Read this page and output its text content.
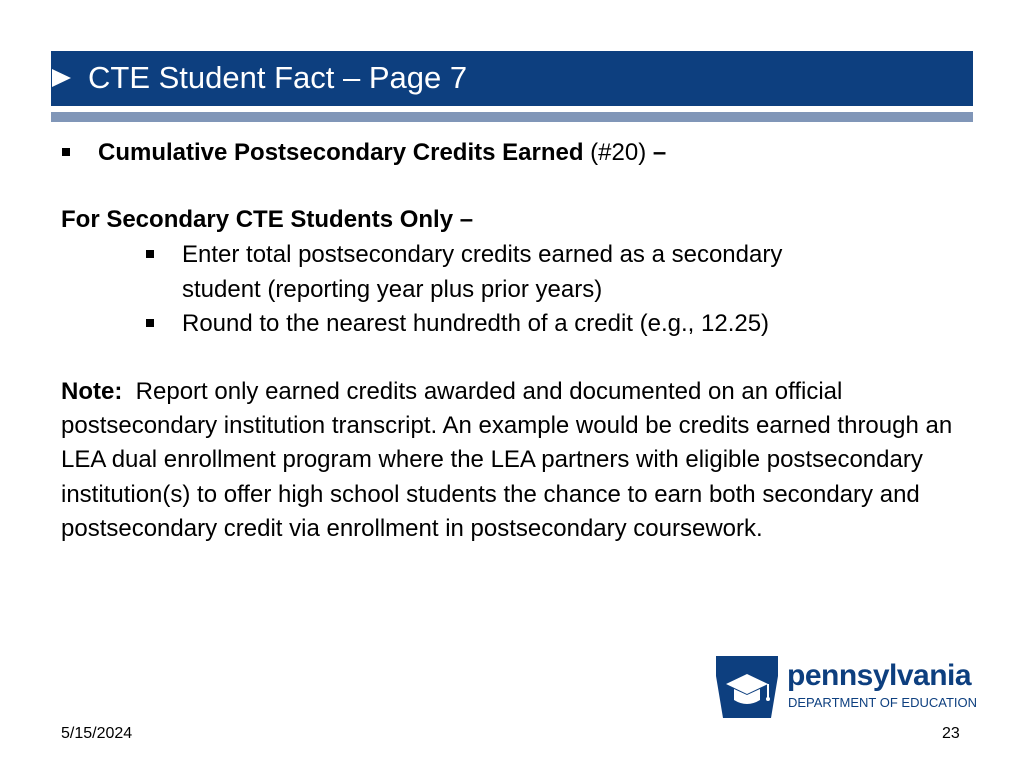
CTE Student Fact – Page 7
Cumulative Postsecondary Credits Earned (#20) –
For Secondary CTE Students Only –
Enter total postsecondary credits earned as a secondary
student (reporting year plus prior years)
Round to the nearest hundredth of a credit (e.g., 12.25)
Note: Report only earned credits awarded and documented on an official postsecondary institution transcript. An example would be credits earned through an LEA dual enrollment program where the LEA partners with eligible postsecondary institution(s) to offer high school students the chance to earn both secondary and postsecondary credit via enrollment in postsecondary coursework.
pennsylvania
DEPARTMENT OF EDUCATION
5/15/2024	23
